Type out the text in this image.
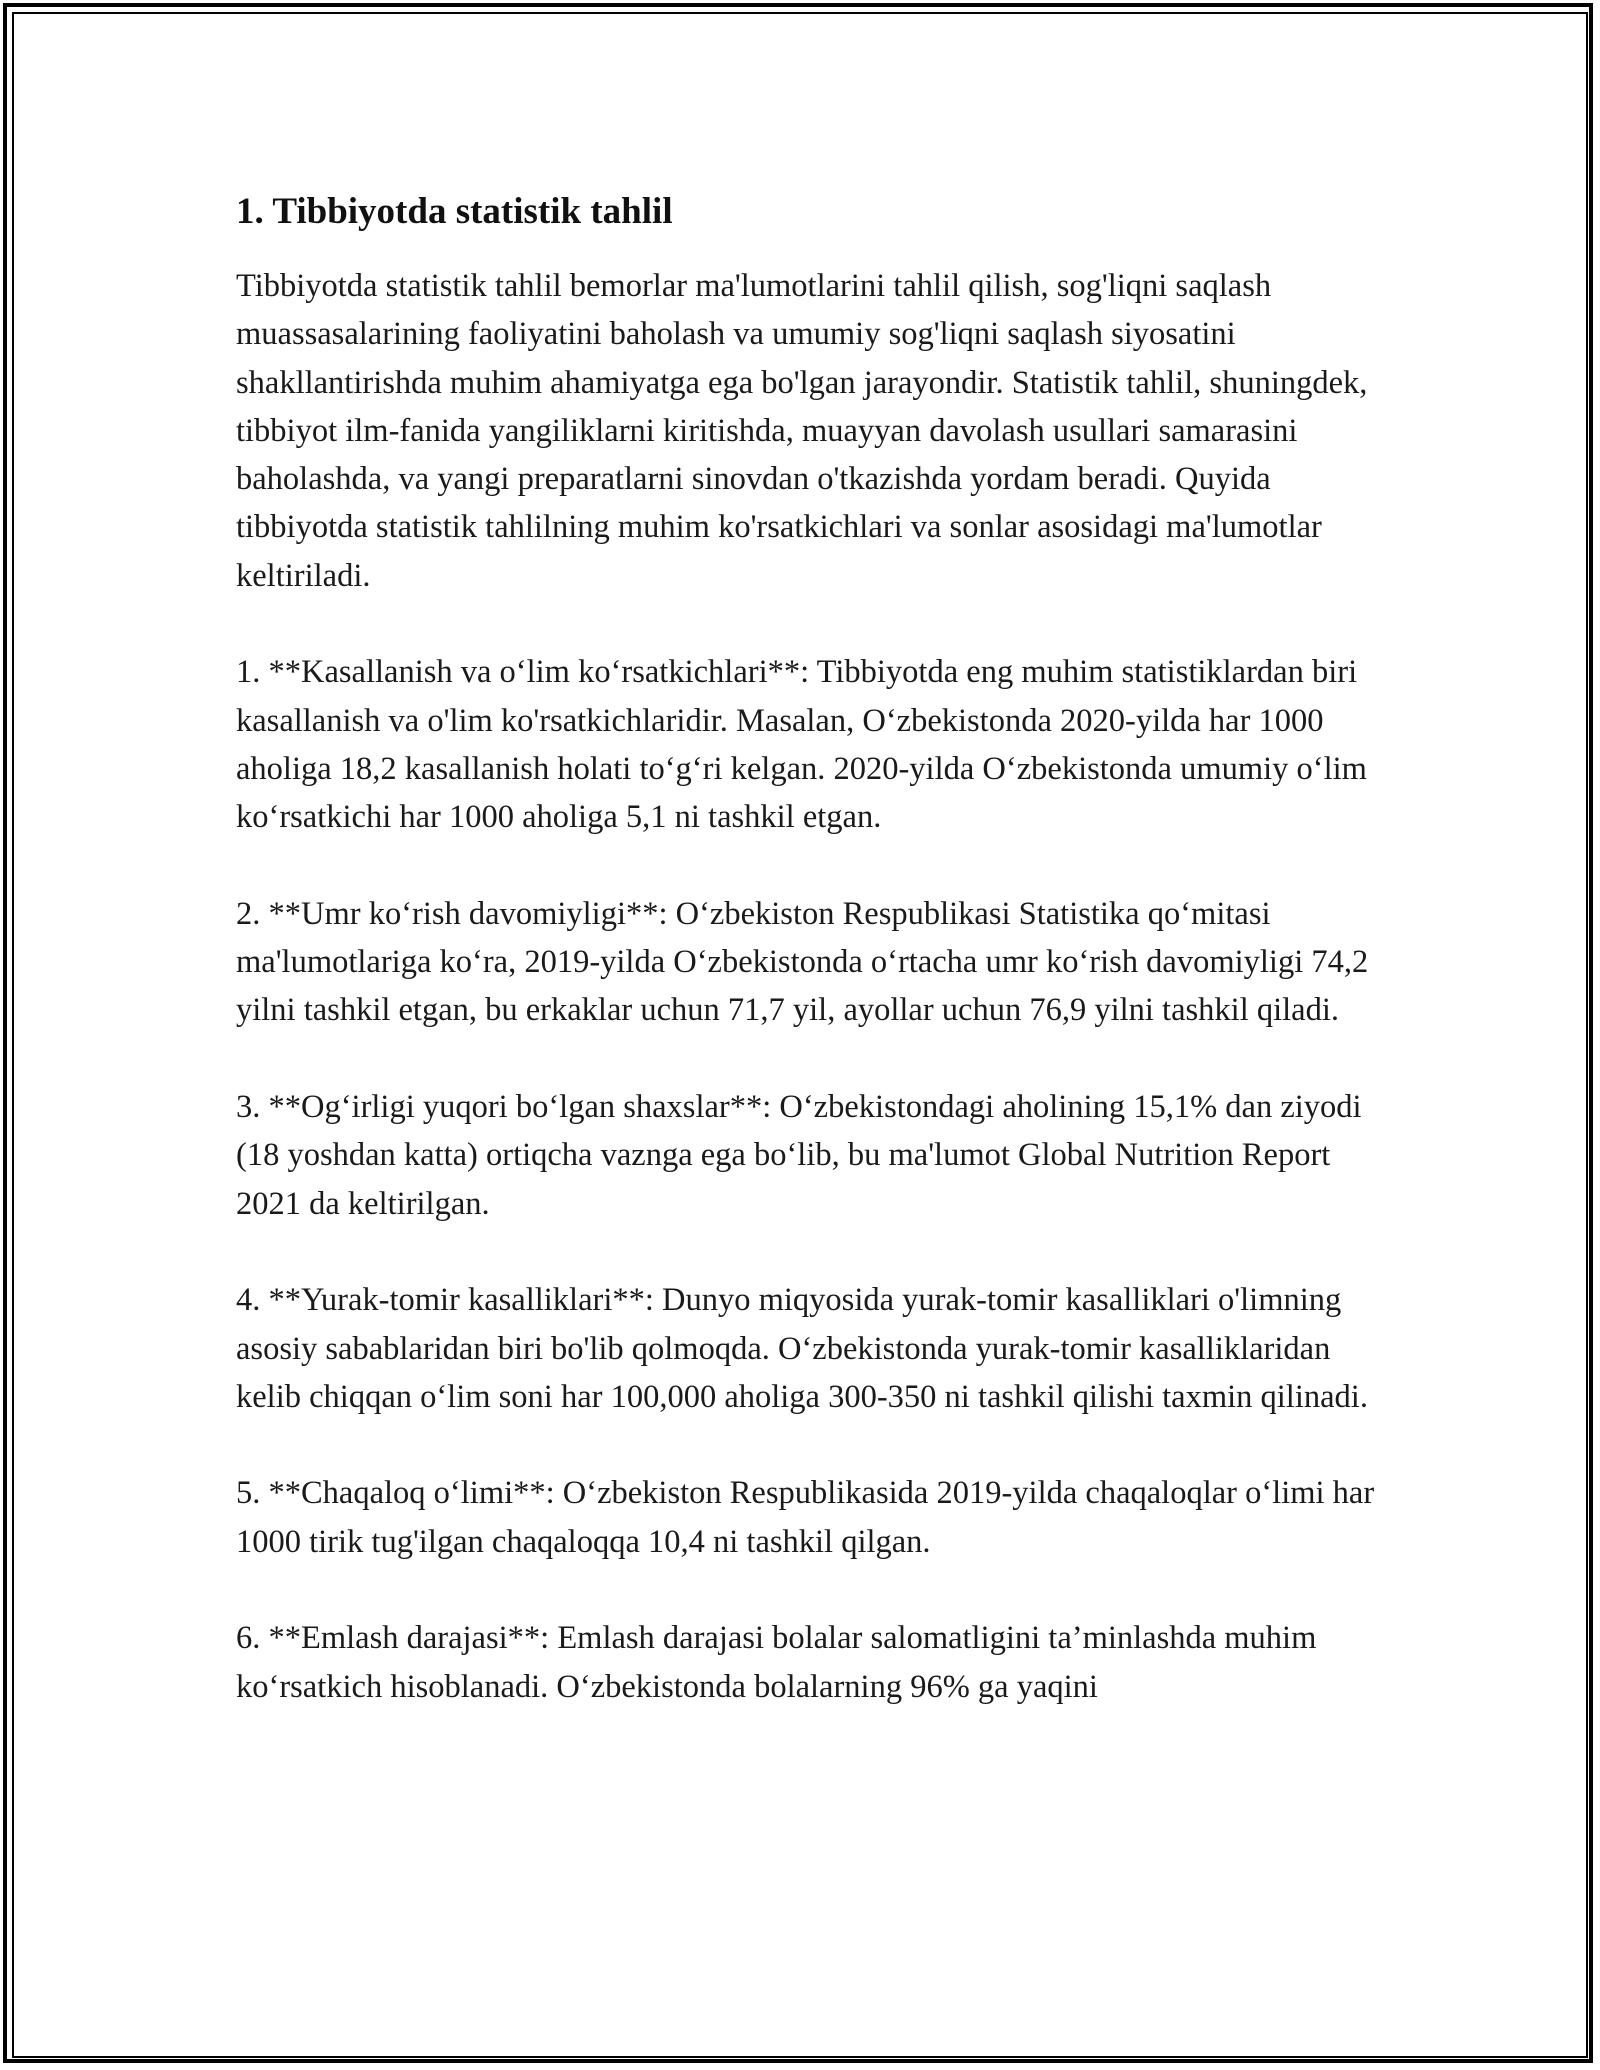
1. Tibbiyotda statistik tahlil

Tibbiyotda statistik tahlil bemorlar ma'lumotlarini tahlil qilish, sog'liqni saqlash muassasalarining faoliyatini baholash va umumiy sog'liqni saqlash siyosatini shakllantirishda muhim ahamiyatga ega bo'lgan jarayondir. Statistik tahlil, shuningdek, tibbiyot ilm-fanida yangiliklarni kiritishda, muayyan davolash usullari samarasini baholashda, va yangi preparatlarni sinovdan o'tkazishda yordam beradi. Quyida tibbiyotda statistik tahlilning muhim ko'rsatkichlari va sonlar asosidagi ma'lumotlar keltiriladi.

1. **Kasallanish va o‘lim ko‘rsatkichlari**: Tibbiyotda eng muhim statistiklardan biri kasallanish va o'lim ko'rsatkichlaridir. Masalan, O‘zbekistonda 2020-yilda har 1000 aholiga 18,2 kasallanish holati to‘g‘ri kelgan. 2020-yilda O‘zbekistonda umumiy o‘lim ko‘rsatkichi har 1000 aholiga 5,1 ni tashkil etgan.

2. **Umr ko‘rish davomiyligi**: O‘zbekiston Respublikasi Statistika qo‘mitasi ma'lumotlariga ko‘ra, 2019-yilda O‘zbekistonda o‘rtacha umr ko‘rish davomiyligi 74,2 yilni tashkil etgan, bu erkaklar uchun 71,7 yil, ayollar uchun 76,9 yilni tashkil qiladi.

3. **Og‘irligi yuqori bo‘lgan shaxslar**: O‘zbekistondagi aholining 15,1% dan ziyodi (18 yoshdan katta) ortiqcha vaznga ega bo‘lib, bu ma'lumot Global Nutrition Report 2021 da keltirilgan.

4. **Yurak-tomir kasalliklari**: Dunyo miqyosida yurak-tomir kasalliklari o'limning asosiy sabablaridan biri bo'lib qolmoqda. O‘zbekistonda yurak-tomir kasalliklaridan kelib chiqqan o‘lim soni har 100,000 aholiga 300-350 ni tashkil qilishi taxmin qilinadi.

5. **Chaqaloq o‘limi**: O‘zbekiston Respublikasida 2019-yilda chaqaloqlar o‘limi har 1000 tirik tug'ilgan chaqaloqqa 10,4 ni tashkil qilgan.

6. **Emlash darajasi**: Emlash darajasi bolalar salomatligini ta’minlashda muhim ko‘rsatkich hisoblanadi. O‘zbekistonda bolalarning 96% ga yaqini
